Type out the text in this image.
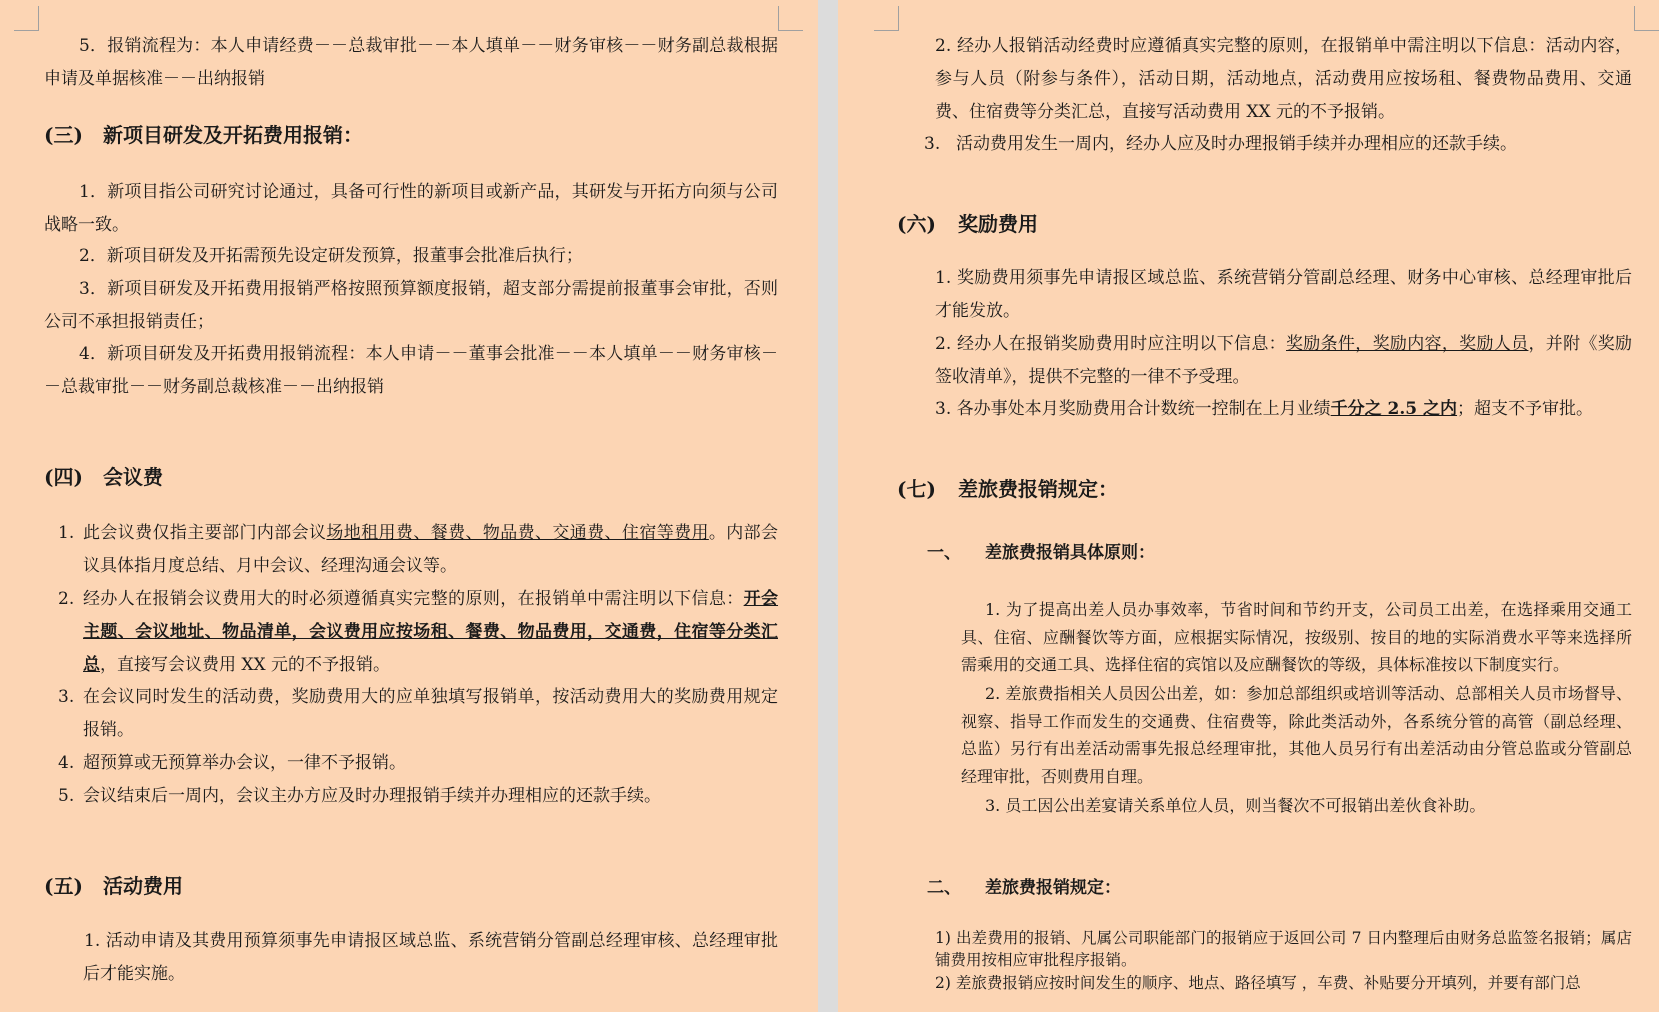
5．报销流程为：本人申请经费－－总裁审批－－本人填单－－财务审核－－财务副总裁根据申请及单据核准－－出纳报销
(三) 新项目研发及开拓费用报销：
1．新项目指公司研究讨论通过，具备可行性的新项目或新产品，其研发与开拓方向须与公司战略一致。
2．新项目研发及开拓需预先设定研发预算，报董事会批准后执行；
3．新项目研发及开拓费用报销严格按照预算额度报销，超支部分需提前报董事会审批，否则公司不承担报销责任；
4．新项目研发及开拓费用报销流程：本人申请－－董事会批准－－本人填单－－财务审核－－总裁审批－－财务副总裁核准－－出纳报销
(四) 会议费
1. 此会议费仅指主要部门内部会议场地租用费、餐费、物品费、交通费、住宿等费用。内部会议具体指月度总结、月中会议、经理沟通会议等。
2. 经办人在报销会议费用大的时必须遵循真实完整的原则，在报销单中需注明以下信息：开会主题、会议地址、物品清单，会议费用应按场租、餐费、物品费用，交通费，住宿等分类汇总，直接写会议费用 XX 元的不予报销。
3. 在会议同时发生的活动费，奖励费用大的应单独填写报销单，按活动费用大的奖励费用规定报销。
4. 超预算或无预算举办会议，一律不予报销。
5. 会议结束后一周内，会议主办方应及时办理报销手续并办理相应的还款手续。
(五) 活动费用
1. 活动申请及其费用预算须事先申请报区域总监、系统营销分管副总经理审核、总经理审批后才能实施。
2. 经办人报销活动经费时应遵循真实完整的原则，在报销单中需注明以下信息：活动内容，参与人员（附参与条件），活动日期，活动地点，活动费用应按场租、餐费物品费用、交通费、住宿费等分类汇总，直接写活动费用 XX 元的不予报销。
3. 活动费用发生一周内，经办人应及时办理报销手续并办理相应的还款手续。
(六) 奖励费用
1. 奖励费用须事先申请报区域总监、系统营销分管副总经理、财务中心审核、总经理审批后才能发放。
2. 经办人在报销奖励费用时应注明以下信息：奖励条件，奖励内容，奖励人员，并附《奖励签收清单》，提供不完整的一律不予受理。
3. 各办事处本月奖励费用合计数统一控制在上月业绩千分之 2.5 之内；超支不予审批。
(七) 差旅费报销规定：
一、 差旅费报销具体原则：
1. 为了提高出差人员办事效率，节省时间和节约开支，公司员工出差，在选择乘用交通工具、住宿、应酬餐饮等方面，应根据实际情况，按级别、按目的地的实际消费水平等来选择所需乘用的交通工具、选择住宿的宾馆以及应酬餐饮的等级，具体标准按以下制度实行。
2. 差旅费指相关人员因公出差，如：参加总部组织或培训等活动、总部相关人员市场督导、视察、指导工作而发生的交通费、住宿费等，除此类活动外，各系统分管的高管（副总经理、总监）另行有出差活动需事先报总经理审批，其他人员另行有出差活动由分管总监或分管副总经理审批，否则费用自理。
3. 员工因公出差宴请关系单位人员，则当餐次不可报销出差伙食补助。
二、 差旅费报销规定：
1) 出差费用的报销、凡属公司职能部门的报销应于返回公司 7 日内整理后由财务总监签名报销；属店铺费用按相应审批程序报销。
2) 差旅费报销应按时间发生的顺序、地点、路径填写 ，车费、补贴要分开填列，并要有部门总
